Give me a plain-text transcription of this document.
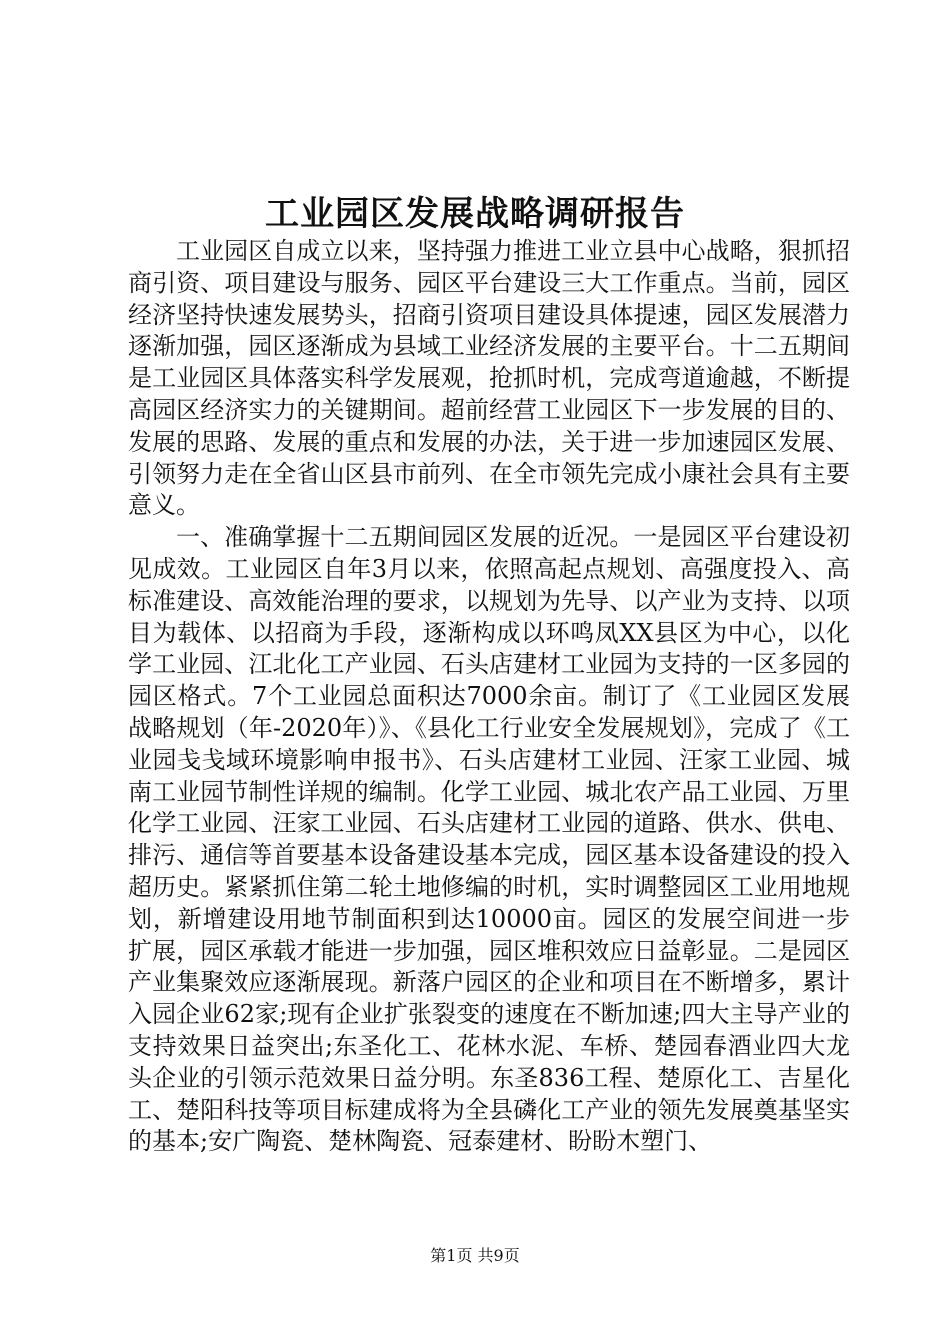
工业园区发展战略调研报告

工业园区自成立以来，坚持强力推进工业立县中心战略，狠抓招商引资、项目建设与服务、园区平台建设三大工作重点。当前，园区经济坚持快速发展势头，招商引资项目建设具体提速，园区发展潜力逐渐加强，园区逐渐成为县域工业经济发展的主要平台。十二五期间是工业园区具体落实科学发展观，抢抓时机，完成弯道逾越，不断提高园区经济实力的关键期间。超前经营工业园区下一步发展的目的、发展的思路、发展的重点和发展的办法，关于进一步加速园区发展、引领努力走在全省山区县市前列、在全市领先完成小康社会具有主要意义。

一、准确掌握十二五期间园区发展的近况。一是园区平台建设初见成效。工业园区自年3月以来，依照高起点规划、高强度投入、高标准建设、高效能治理的要求，以规划为先导、以产业为支持、以项目为载体、以招商为手段，逐渐构成以环鸣凤XX县区为中心，以化学工业园、江北化工产业园、石头店建材工业园为支持的一区多园的园区格式。7个工业园总面积达7000余亩。制订了《工业园区发展战略规划（年-2020年）》、《县化工行业安全发展规划》，完成了《工业园戋戋域环境影响申报书》、石头店建材工业园、汪家工业园、城南工业园节制性详规的编制。化学工业园、城北农产品工业园、万里化学工业园、汪家工业园、石头店建材工业园的道路、供水、供电、排污、通信等首要基本设备建设基本完成，园区基本设备建设的投入超历史。紧紧抓住第二轮土地修编的时机，实时调整园区工业用地规划，新增建设用地节制面积到达10000亩。园区的发展空间进一步扩展，园区承载才能进一步加强，园区堆积效应日益彰显。二是园区产业集聚效应逐渐展现。新落户园区的企业和项目在不断增多，累计入园企业62家;现有企业扩张裂变的速度在不断加速;四大主导产业的支持效果日益突出;东圣化工、花林水泥、车桥、楚园春酒业四大龙头企业的引领示范效果日益分明。东圣836工程、楚原化工、吉星化工、楚阳科技等项目标建成将为全县磷化工产业的领先发展奠基坚实的基本;安广陶瓷、楚林陶瓷、冠泰建材、盼盼木塑门、

第1页 共9页
